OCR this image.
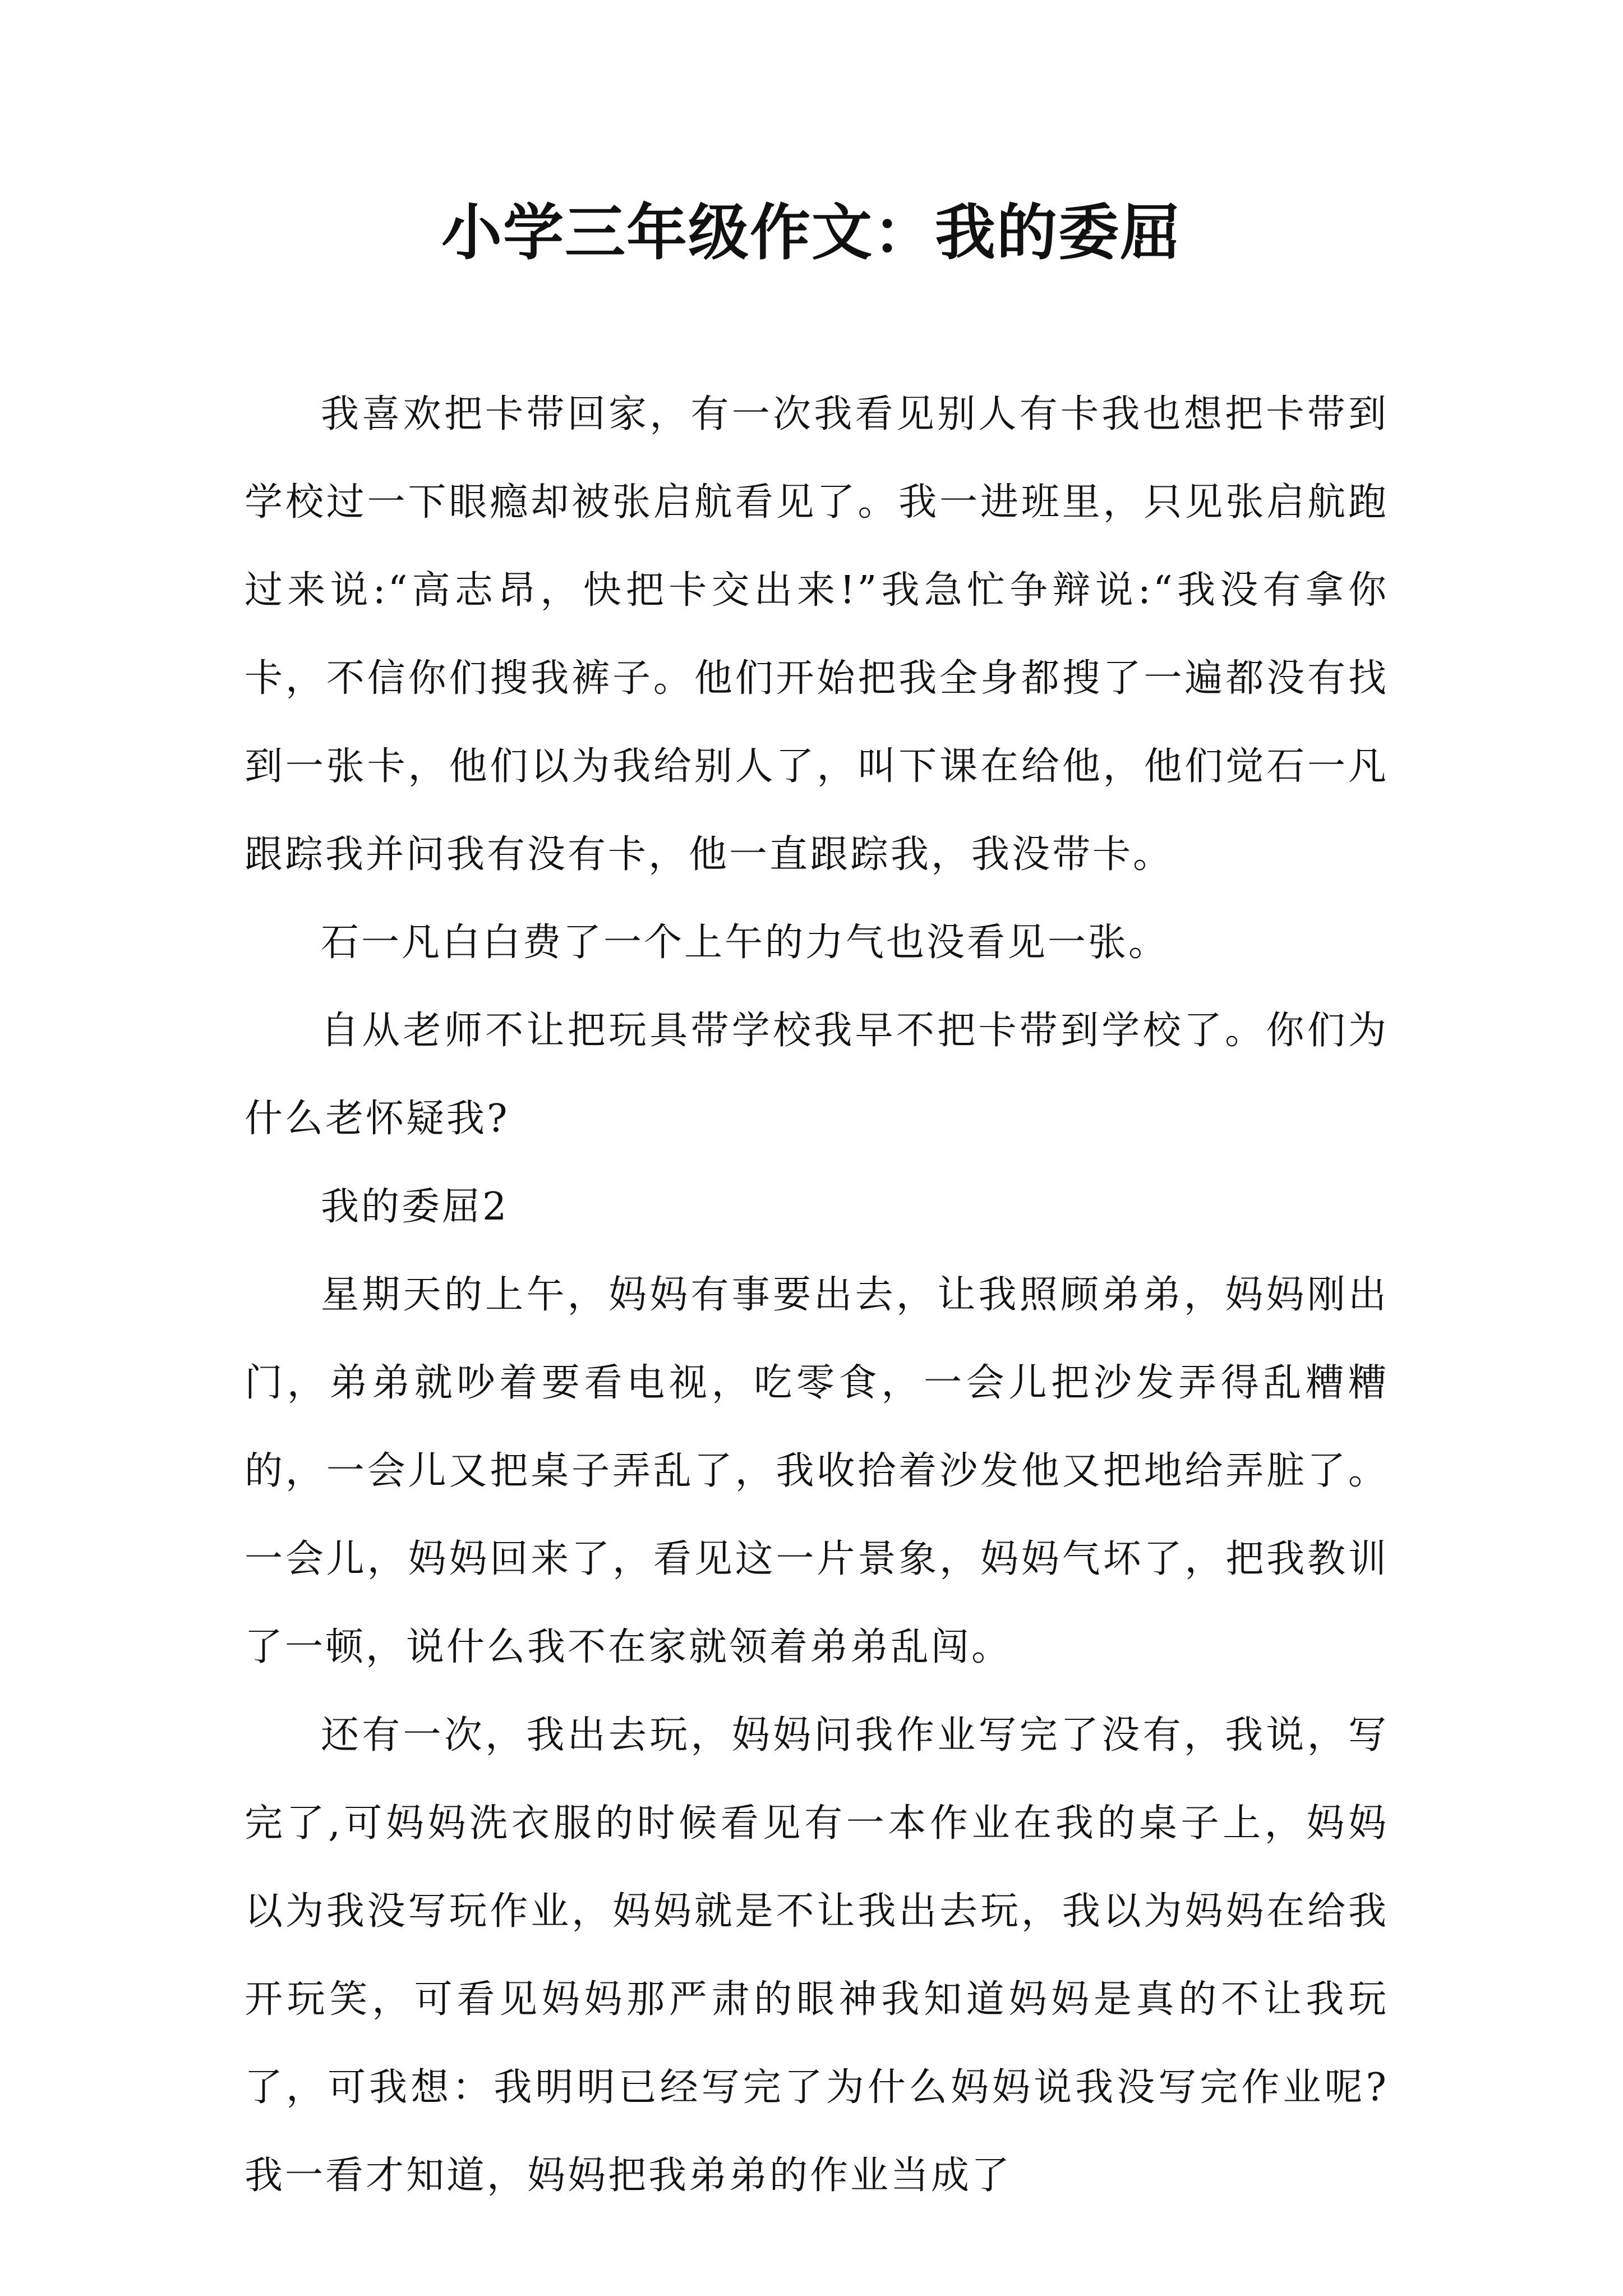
小学三年级作文：我的委屈

我喜欢把卡带回家，有一次我看见别人有卡我也想把卡带到学校过一下眼瘾却被张启航看见了。我一进班里，只见张启航跑过来说:“高志昂，快把卡交出来!”我急忙争辩说:“我没有拿你卡，不信你们搜我裤子。他们开始把我全身都搜了一遍都没有找到一张卡，他们以为我给别人了，叫下课在给他，他们觉石一凡跟踪我并问我有没有卡，他一直跟踪我，我没带卡。

石一凡白白费了一个上午的力气也没看见一张。

自从老师不让把玩具带学校我早不把卡带到学校了。你们为什么老怀疑我?

我的委屈2

星期天的上午，妈妈有事要出去，让我照顾弟弟，妈妈刚出门，弟弟就吵着要看电视，吃零食，一会儿把沙发弄得乱糟糟的，一会儿又把桌子弄乱了，我收拾着沙发他又把地给弄脏了。一会儿，妈妈回来了，看见这一片景象，妈妈气坏了，把我教训了一顿，说什么我不在家就领着弟弟乱闯。

还有一次，我出去玩，妈妈问我作业写完了没有，我说，写完了,可妈妈洗衣服的时候看见有一本作业在我的桌子上，妈妈以为我没写玩作业，妈妈就是不让我出去玩，我以为妈妈在给我开玩笑，可看见妈妈那严肃的眼神我知道妈妈是真的不让我玩了，可我想：我明明已经写完了为什么妈妈说我没写完作业呢?我一看才知道，妈妈把我弟弟的作业当成了
